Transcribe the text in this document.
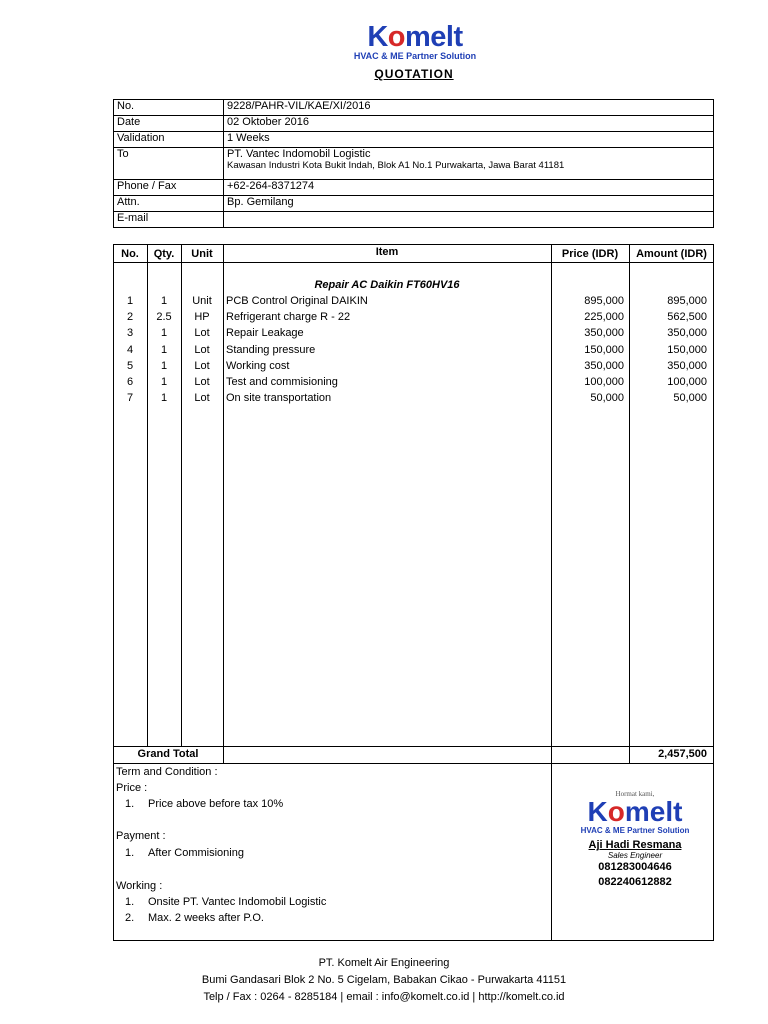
Komelt
HVAC & ME Partner Solution
QUOTATION
No.	9228/PAHR-VIL/KAE/XI/2016
Date	02 Oktober 2016
Validation	1 Weeks
To	PT. Vantec Indomobil Logistic
Kawasan Industri Kota Bukit Indah, Blok A1 No.1 Purwakarta, Jawa Barat 41181

Phone / Fax	+62-264-8371274
Attn.	Bp. Gemilang
E-mail	
No.	Qty.	Unit	Item	Price (IDR)	Amount (IDR)
Repair AC Daikin FT60HV16
1	1	Unit	PCB Control Original DAIKIN	895,000	895,000
2	2.5	HP	Refrigerant charge R - 22	225,000	562,500
3	1	Lot	Repair Leakage	350,000	350,000
4	1	Lot	Standing pressure	150,000	150,000
5	1	Lot	Working cost	350,000	350,000
6	1	Lot	Test and commisioning	100,000	100,000
7	1	Lot	On site transportation	50,000	50,000
Grand Total	2,457,500
Term and Condition :
Price :
1. Price above before tax 10%
Payment :
1. After Commisioning
Working :
1. Onsite PT. Vantec Indomobil Logistic
2. Max. 2 weeks after P.O.
Hormat kami,
Komelt
HVAC & ME Partner Solution
Aji Hadi Resmana
Sales Engineer
081283004646
082240612882
PT. Komelt Air Engineering
Bumi Gandasari Blok 2 No. 5 Cigelam, Babakan Cikao - Purwakarta 41151
Telp / Fax : 0264 - 8285184 | email : info@komelt.co.id | http://komelt.co.id
